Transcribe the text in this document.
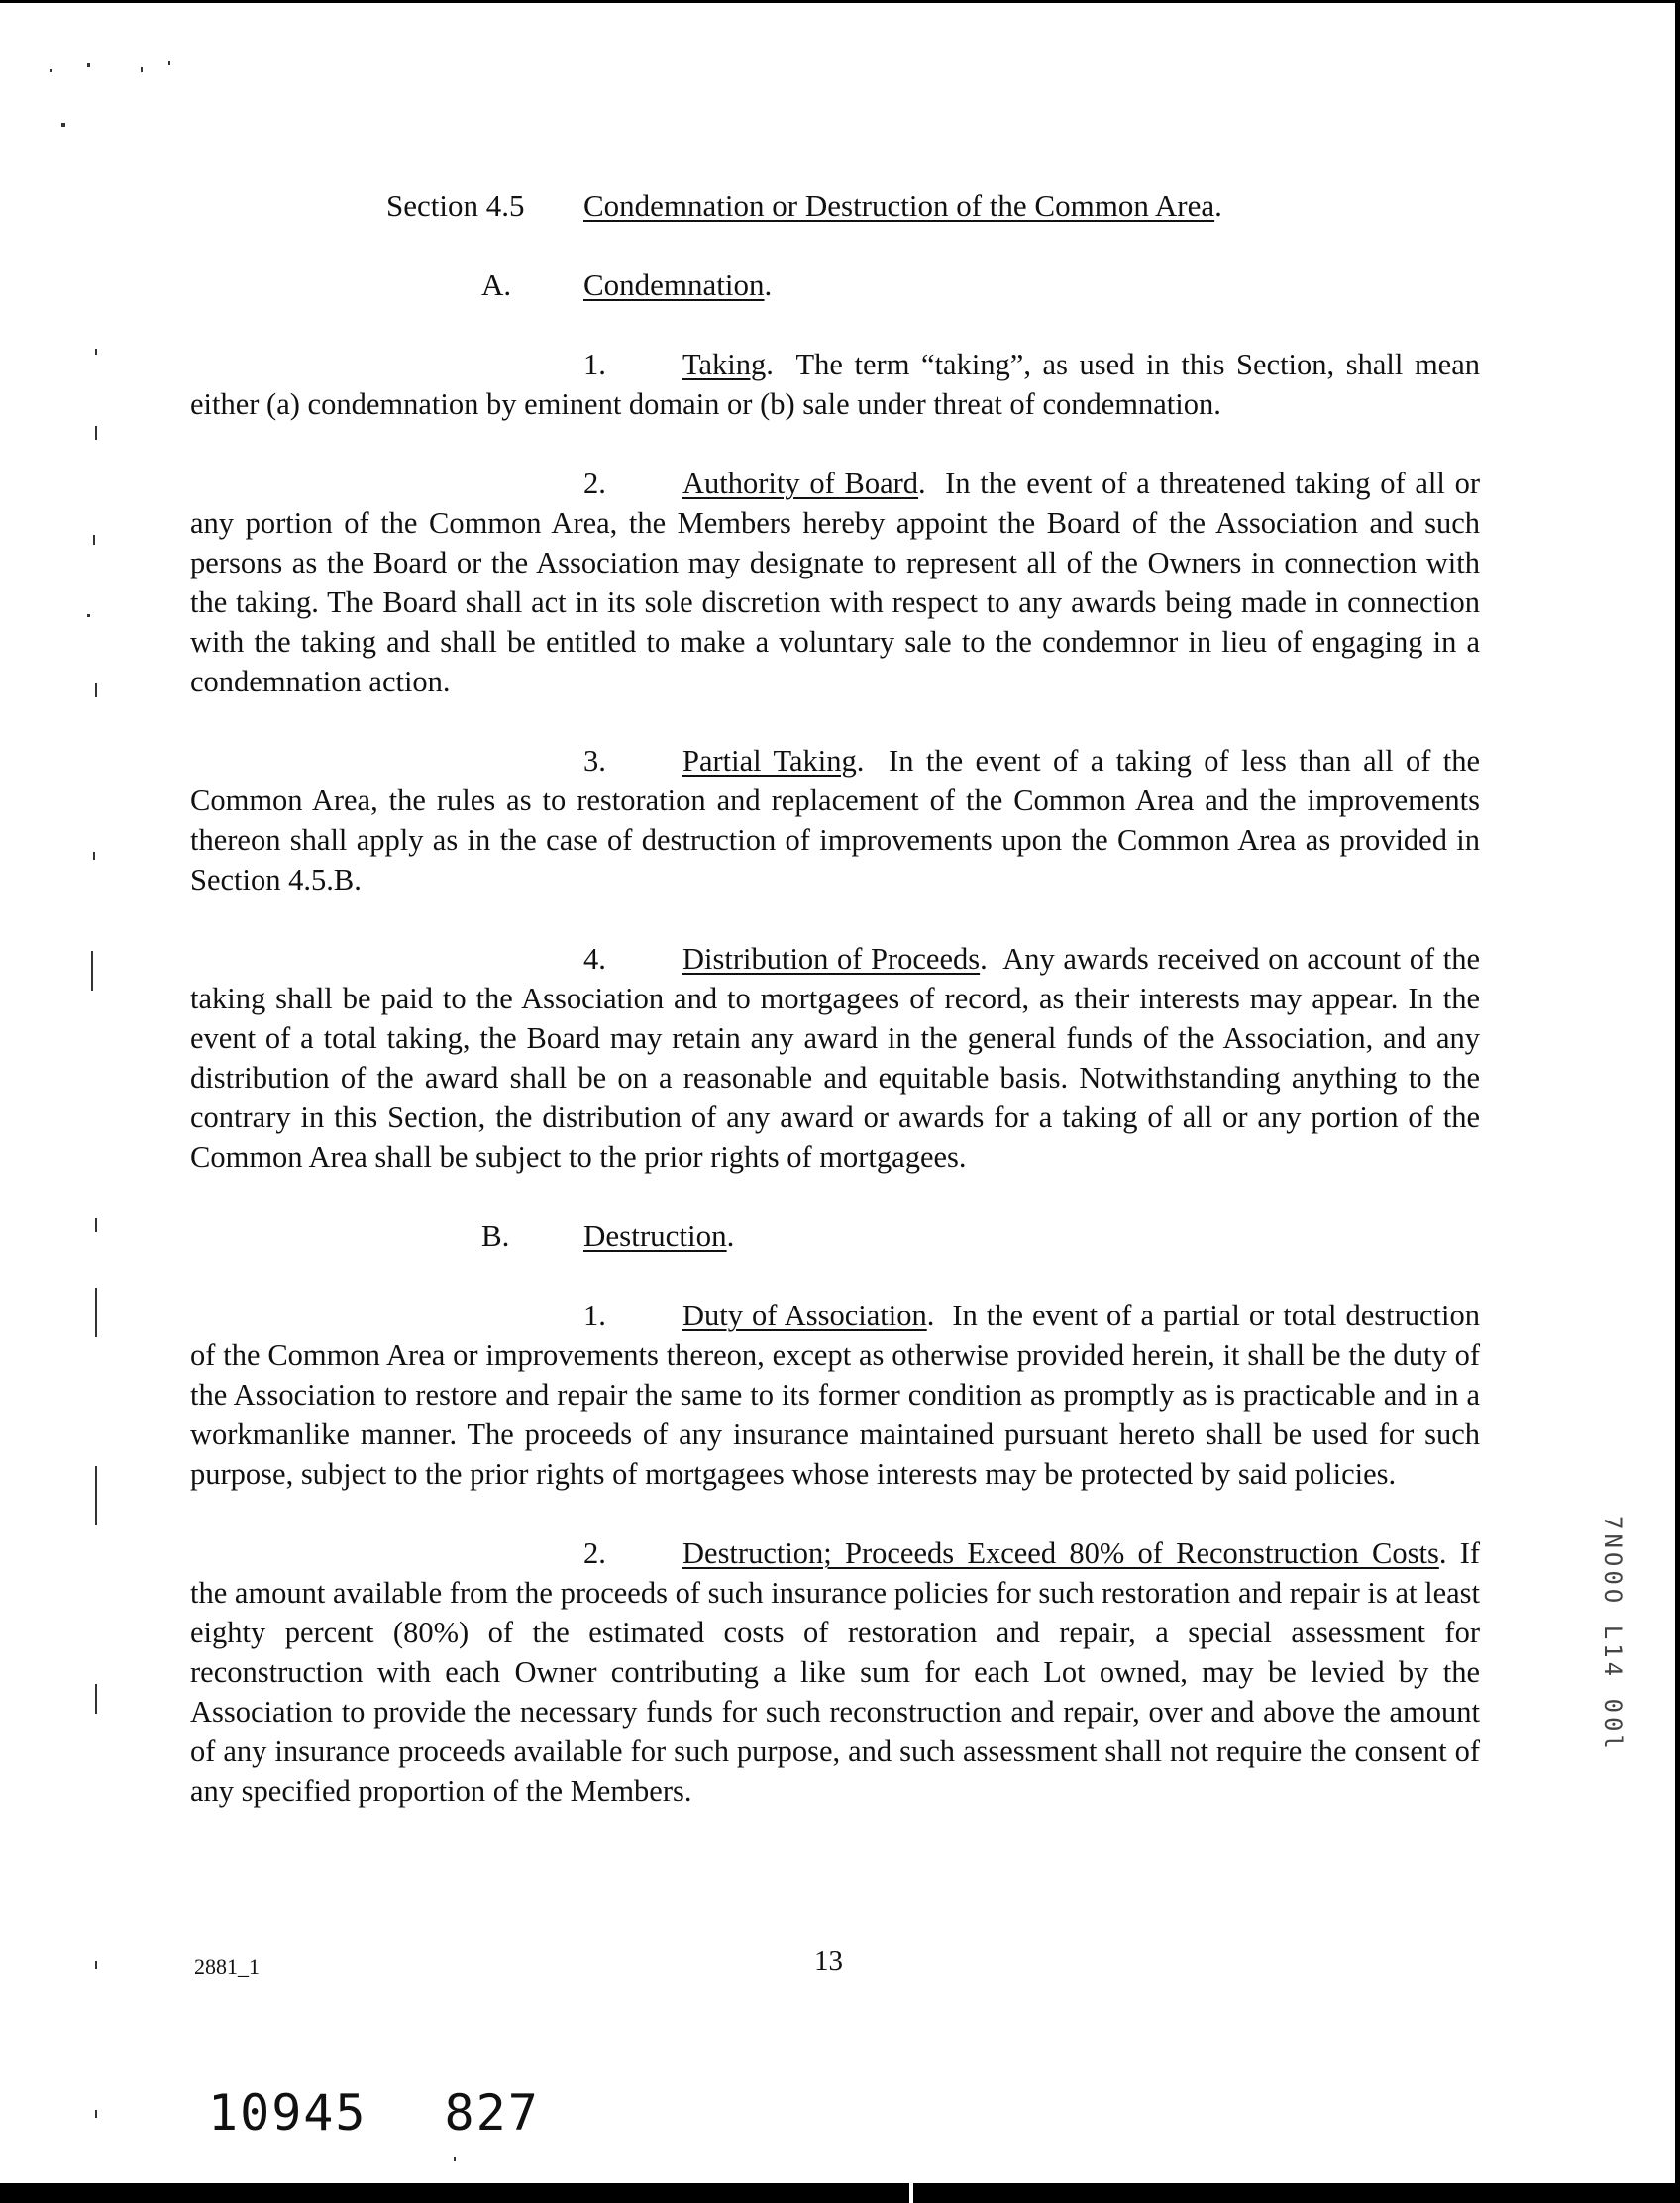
Section 4.5 Condemnation or Destruction of the Common Area.
A. Condemnation.

1.	Taking.  The term “taking”, as used in this Section, shall mean either (a) condemnation by eminent domain or (b) sale under threat of condemnation.

2.	Authority of Board.  In the event of a threatened taking of all or any portion of the Common Area, the Members hereby appoint the Board of the Association and such persons as the Board or the Association may designate to represent all of the Owners in connection with the taking. The Board shall act in its sole discretion with respect to any awards being made in connection with the taking and shall be entitled to make a voluntary sale to the condemnor in lieu of engaging in a condemnation action.

3.	Partial Taking.  In the event of a taking of less than all of the Common Area, the rules as to restoration and replacement of the Common Area and the improvements thereon shall apply as in the case of destruction of improvements upon the Common Area as provided in Section 4.5.B.

4.	Distribution of Proceeds.  Any awards received on account of the taking shall be paid to the Association and to mortgagees of record, as their interests may appear. In the event of a total taking, the Board may retain any award in the general funds of the Association, and any distribution of the award shall be on a reasonable and equitable basis. Notwithstanding anything to the contrary in this Section, the distribution of any award or awards for a taking of all or any portion of the Common Area shall be subject to the prior rights of mortgagees.

B. Destruction.

1.	Duty of Association.  In the event of a partial or total destruction of the Common Area or improvements thereon, except as otherwise provided herein, it shall be the duty of the Association to restore and repair the same to its former condition as promptly as is practicable and in a workmanlike manner. The proceeds of any insurance maintained pursuant hereto shall be used for such purpose, subject to the prior rights of mortgagees whose interests may be protected by said policies.

2.	Destruction; Proceeds Exceed 80% of Reconstruction Costs. If the amount available from the proceeds of such insurance policies for such restoration and repair is at least eighty percent (80%) of the estimated costs of restoration and repair, a special assessment for reconstruction with each Owner contributing a like sum for each Lot owned, may be levied by the Association to provide the necessary funds for such reconstruction and repair, over and above the amount of any insurance proceeds available for such purpose, and such assessment shall not require the consent of any specified proportion of the Members.

2881_1	13
10945 827
7NO0O L14 00l
